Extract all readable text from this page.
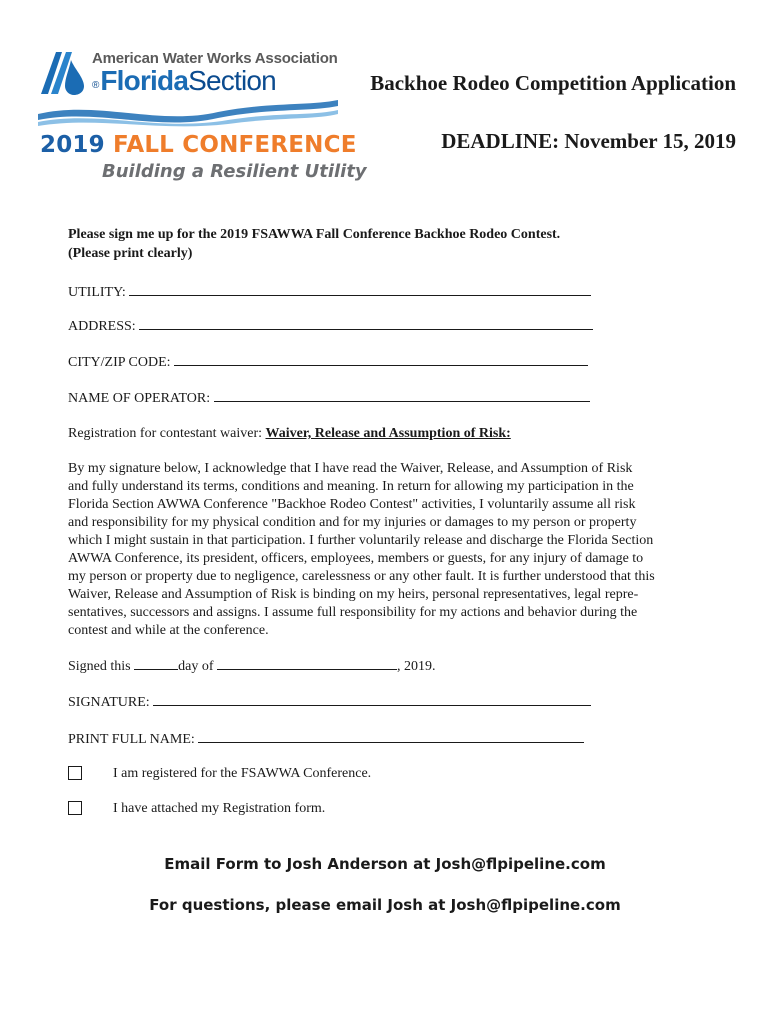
American Water Works Association
®FloridaSection
2019 FALL CONFERENCE
Building a Resilient Utility
Backhoe Rodeo Competition Application
DEADLINE: November 15, 2019
Please sign me up for the 2019 FSAWWA Fall Conference Backhoe Rodeo Contest.
(Please print clearly)
UTILITY:
ADDRESS:
CITY/ZIP CODE:
NAME OF OPERATOR:
Registration for contestant waiver: Waiver, Release and Assumption of Risk:
By my signature below, I acknowledge that I have read the Waiver, Release, and Assumption of Risk
and fully understand its terms, conditions and meaning. In return for allowing my participation in the
Florida Section AWWA Conference "Backhoe Rodeo Contest" activities, I voluntarily assume all risk
and responsibility for my physical condition and for my injuries or damages to my person or property
which I might sustain in that participation. I further voluntarily release and discharge the Florida Section
AWWA Conference, its president, officers, employees, members or guests, for any injury of damage to
my person or property due to negligence, carelessness or any other fault. It is further understood that this
Waiver, Release and Assumption of Risk is binding on my heirs, personal representatives, legal repre-
sentatives, successors and assigns. I assume full responsibility for my actions and behavior during the
contest and while at the conference.
Signed this	day of	, 2019.
SIGNATURE:
PRINT FULL NAME:
I am registered for the FSAWWA Conference.
I have attached my Registration form.
Email Form to Josh Anderson at Josh@flpipeline.com
For questions, please email Josh at Josh@flpipeline.com
